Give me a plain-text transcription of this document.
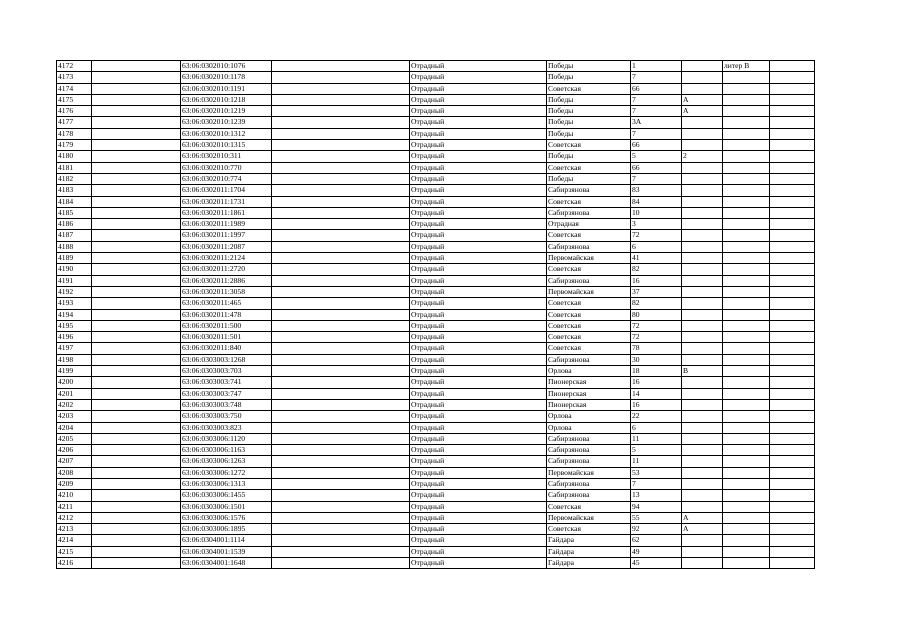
4172		63:06:0302010:1076		Отрадный	Победы	1		литер В	
4173		63:06:0302010:1178		Отрадный	Победы	7			
4174		63:06:0302010:1191		Отрадный	Советская	66			
4175		63:06:0302010:1218		Отрадный	Победы	7	А		
4176		63:06:0302010:1219		Отрадный	Победы	7	А		
4177		63:06:0302010:1239		Отрадный	Победы	3А			
4178		63:06:0302010:1312		Отрадный	Победы	7			
4179		63:06:0302010:1315		Отрадный	Советская	66			
4180		63:06:0302010:311		Отрадный	Победы	5	2		
4181		63:06:0302010:770		Отрадный	Советская	66			
4182		63:06:0302010:774		Отрадный	Победы	7			
4183		63:06:0302011:1704		Отрадный	Сабирзянова	83			
4184		63:06:0302011:1731		Отрадный	Советская	84			
4185		63:06:0302011:1861		Отрадный	Сабирзянова	10			
4186		63:06:0302011:1989		Отрадный	Отрадная	3			
4187		63:06:0302011:1997		Отрадный	Советская	72			
4188		63:06:0302011:2087		Отрадный	Сабирзянова	6			
4189		63:06:0302011:2124		Отрадный	Первомайская	41			
4190		63:06:0302011:2720		Отрадный	Советская	82			
4191		63:06:0302011:2886		Отрадный	Сабирзянова	16			
4192		63:06:0302011:3058		Отрадный	Первомайская	37			
4193		63:06:0302011:465		Отрадный	Советская	82			
4194		63:06:0302011:478		Отрадный	Советская	80			
4195		63:06:0302011:500		Отрадный	Советская	72			
4196		63:06:0302011:501		Отрадный	Советская	72			
4197		63:06:0302011:840		Отрадный	Советская	78			
4198		63:06:0303003:1268		Отрадный	Сабирзянова	30			
4199		63:06:0303003:703		Отрадный	Орлова	18	В		
4200		63:06:0303003:741		Отрадный	Пионерская	16			
4201		63:06:0303003:747		Отрадный	Пионерская	14			
4202		63:06:0303003:748		Отрадный	Пионерская	16			
4203		63:06:0303003:750		Отрадный	Орлова	22			
4204		63:06:0303003:823		Отрадный	Орлова	6			
4205		63:06:0303006:1120		Отрадный	Сабирзянова	11			
4206		63:06:0303006:1163		Отрадный	Сабирзянова	5			
4207		63:06:0303006:1263		Отрадный	Сабирзянова	11			
4208		63:06:0303006:1272		Отрадный	Первомайская	53			
4209		63:06:0303006:1313		Отрадный	Сабирзянова	7			
4210		63:06:0303006:1455		Отрадный	Сабирзянова	13			
4211		63:06:0303006:1501		Отрадный	Советская	94			
4212		63:06:0303006:1576		Отрадный	Первомайская	55	А		
4213		63:06:0303006:1895		Отрадный	Советская	92	А		
4214		63:06:0304001:1114		Отрадный	Гайдара	62			
4215		63:06:0304001:1539		Отрадный	Гайдара	49			
4216		63:06:0304001:1648		Отрадный	Гайдара	45			
